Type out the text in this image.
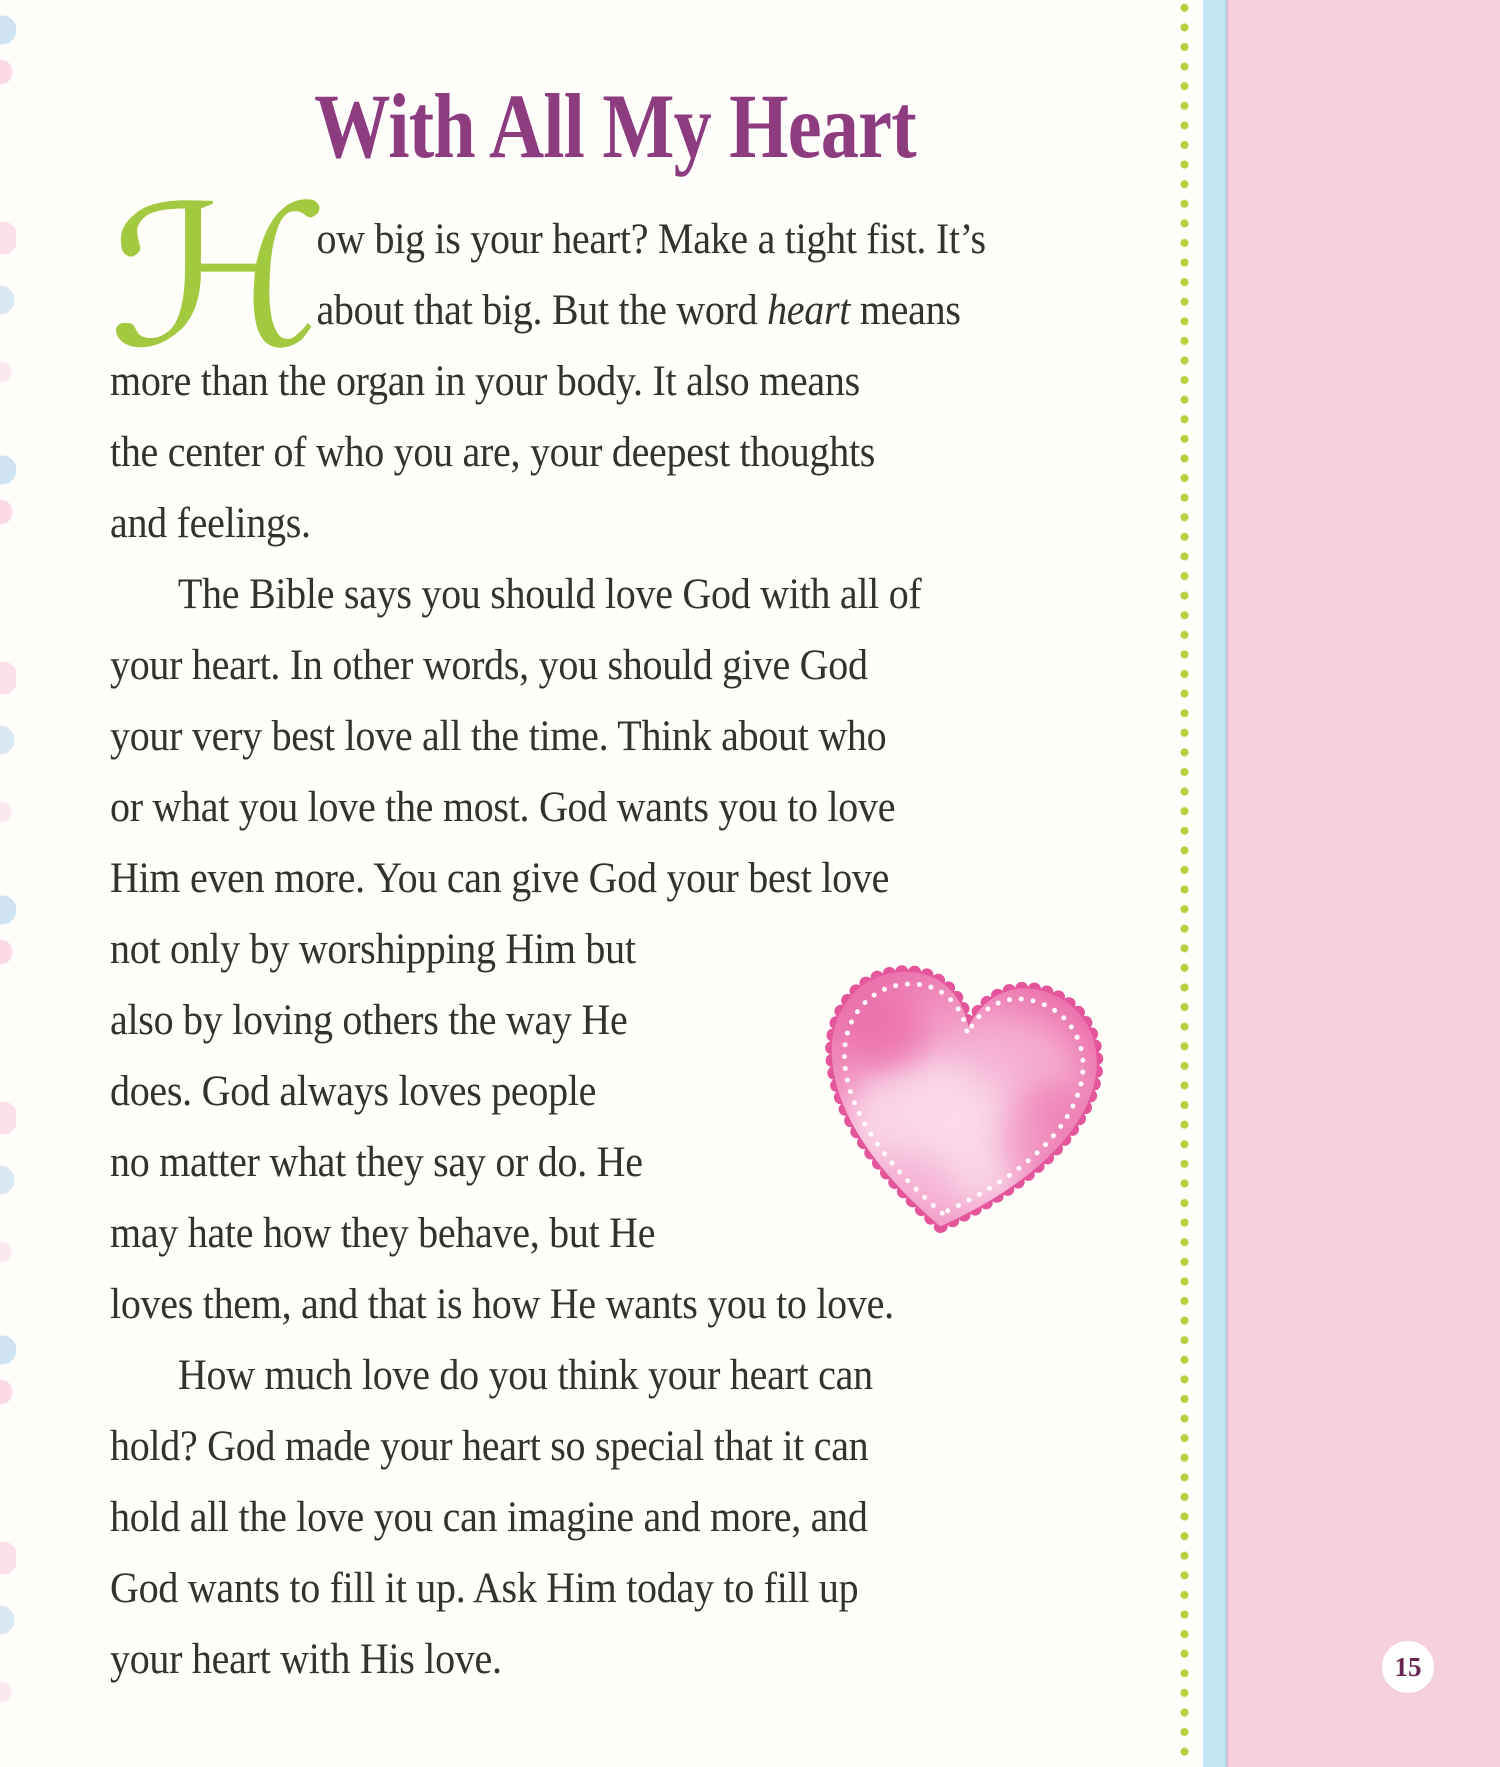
With All My Heart
ℋ
ow big is your heart? Make a tight fist. It’s
about that big. But the word heart means
more than the organ in your body. It also means
the center of who you are, your deepest thoughts
and feelings.
The Bible says you should love God with all of
your heart. In other words, you should give God
your very best love all the time. Think about who
or what you love the most. God wants you to love
Him even more. You can give God your best love
not only by worshipping Him but
also by loving others the way He
does. God always loves people
no matter what they say or do. He
may hate how they behave, but He
loves them, and that is how He wants you to love.
How much love do you think your heart can
hold? God made your heart so special that it can
hold all the love you can imagine and more, and
God wants to fill it up. Ask Him today to fill up
your heart with His love.	15
